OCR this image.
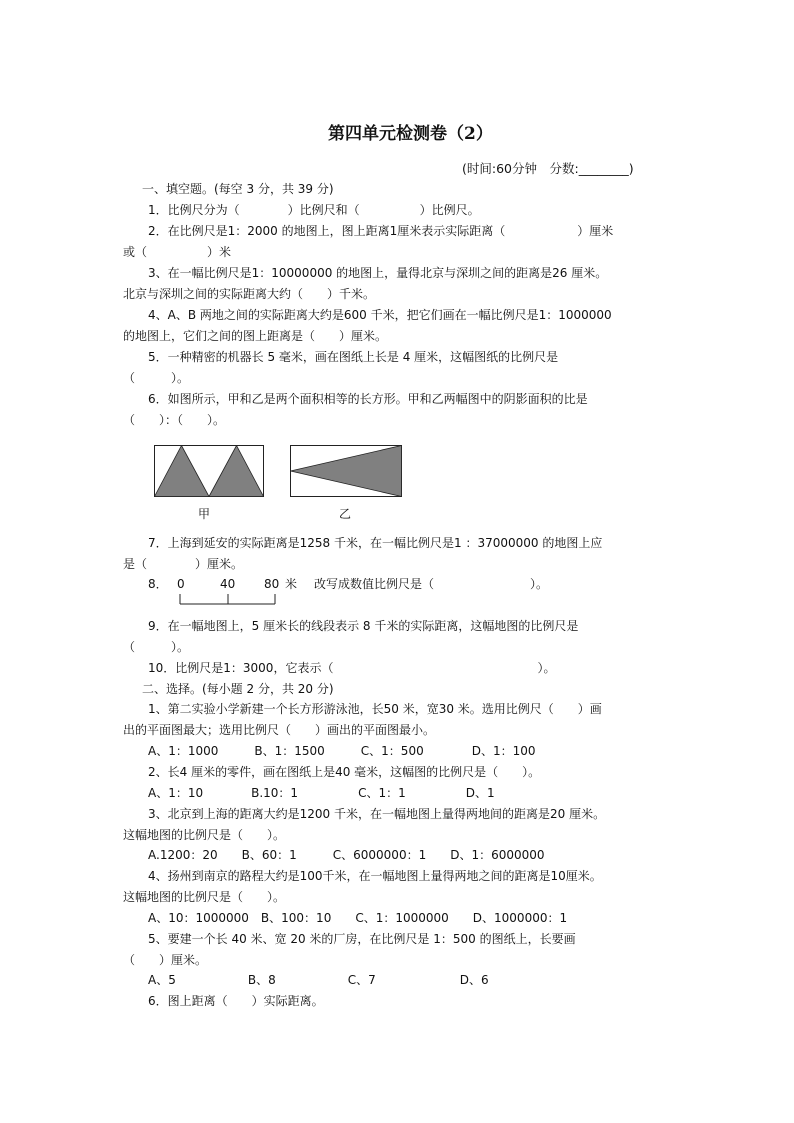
第四单元检测卷（2）
(时间:60分钟　分数:________)
一、填空题。(每空 3 分，共 39 分)
1．比例尺分为（　　　　）比例尺和（　　　　　）比例尺。
2．在比例尺是1：2000 的地图上，图上距离1厘米表示实际距离（　　　　　　）厘米
或（　　　　　）米
3、在一幅比例尺是1：10000000 的地图上，量得北京与深圳之间的距离是26 厘米。
北京与深圳之间的实际距离大约（　　）千米。
4、A、B 两地之间的实际距离大约是600 千米，把它们画在一幅比例尺是1：1000000
的地图上，它们之间的图上距离是（　　）厘米。
5．一种精密的机器长 5 毫米，画在图纸上长是 4 厘米，这幅图纸的比例尺是
（　　　）。
6．如图所示，甲和乙是两个面积相等的长方形。甲和乙两幅图中的阴影面积的比是
（　　）：（　　）。
甲	乙
7．上海到延安的实际距离是1258 千米，在一幅比例尺是1 ：37000000 的地图上应
是（　　　　）厘米。
8． 0	40 80 米 改写成数值比例尺是（　　　　　　　　）。
9．在一幅地图上，5 厘米长的线段表示 8 千米的实际距离，这幅地图的比例尺是
（　　　）。
10．比例尺是1：3000，它表示（　　　　　　　　　　　　　　　　　）。
二、选择。(每小题 2 分，共 20 分)
1、第二实验小学新建一个长方形游泳池，长50 米，宽30 米。选用比例尺（　　）画
出的平面图最大；选用比例尺（　　）画出的平面图最小。
A、1：1000　　　B、1：1500　　　C、1：500　　　　D、1：100
2、长4 厘米的零件，画在图纸上是40 毫米，这幅图的比例尺是（　　）。
A、1：10　　　　B.10：1　　　　　C、1：1　　　　　D、1
3、北京到上海的距离大约是1200 千米，在一幅地图上量得两地间的距离是20 厘米。
这幅地图的比例尺是（　　）。
A.1200：20　　B、60：1　　　C、6000000：1　　D、1：6000000
4、扬州到南京的路程大约是100千米，在一幅地图上量得两地之间的距离是10厘米。
这幅地图的比例尺是（　　）。
A、10：1000000　B、100：10　　C、1：1000000　　D、1000000：1
5、要建一个长 40 米、宽 20 米的厂房，在比例尺是 1：500 的图纸上，长要画
（　　）厘米。
A、5　　　　　　B、8　　　　　　C、7　　　　　　　D、6
6．图上距离（　　）实际距离。
